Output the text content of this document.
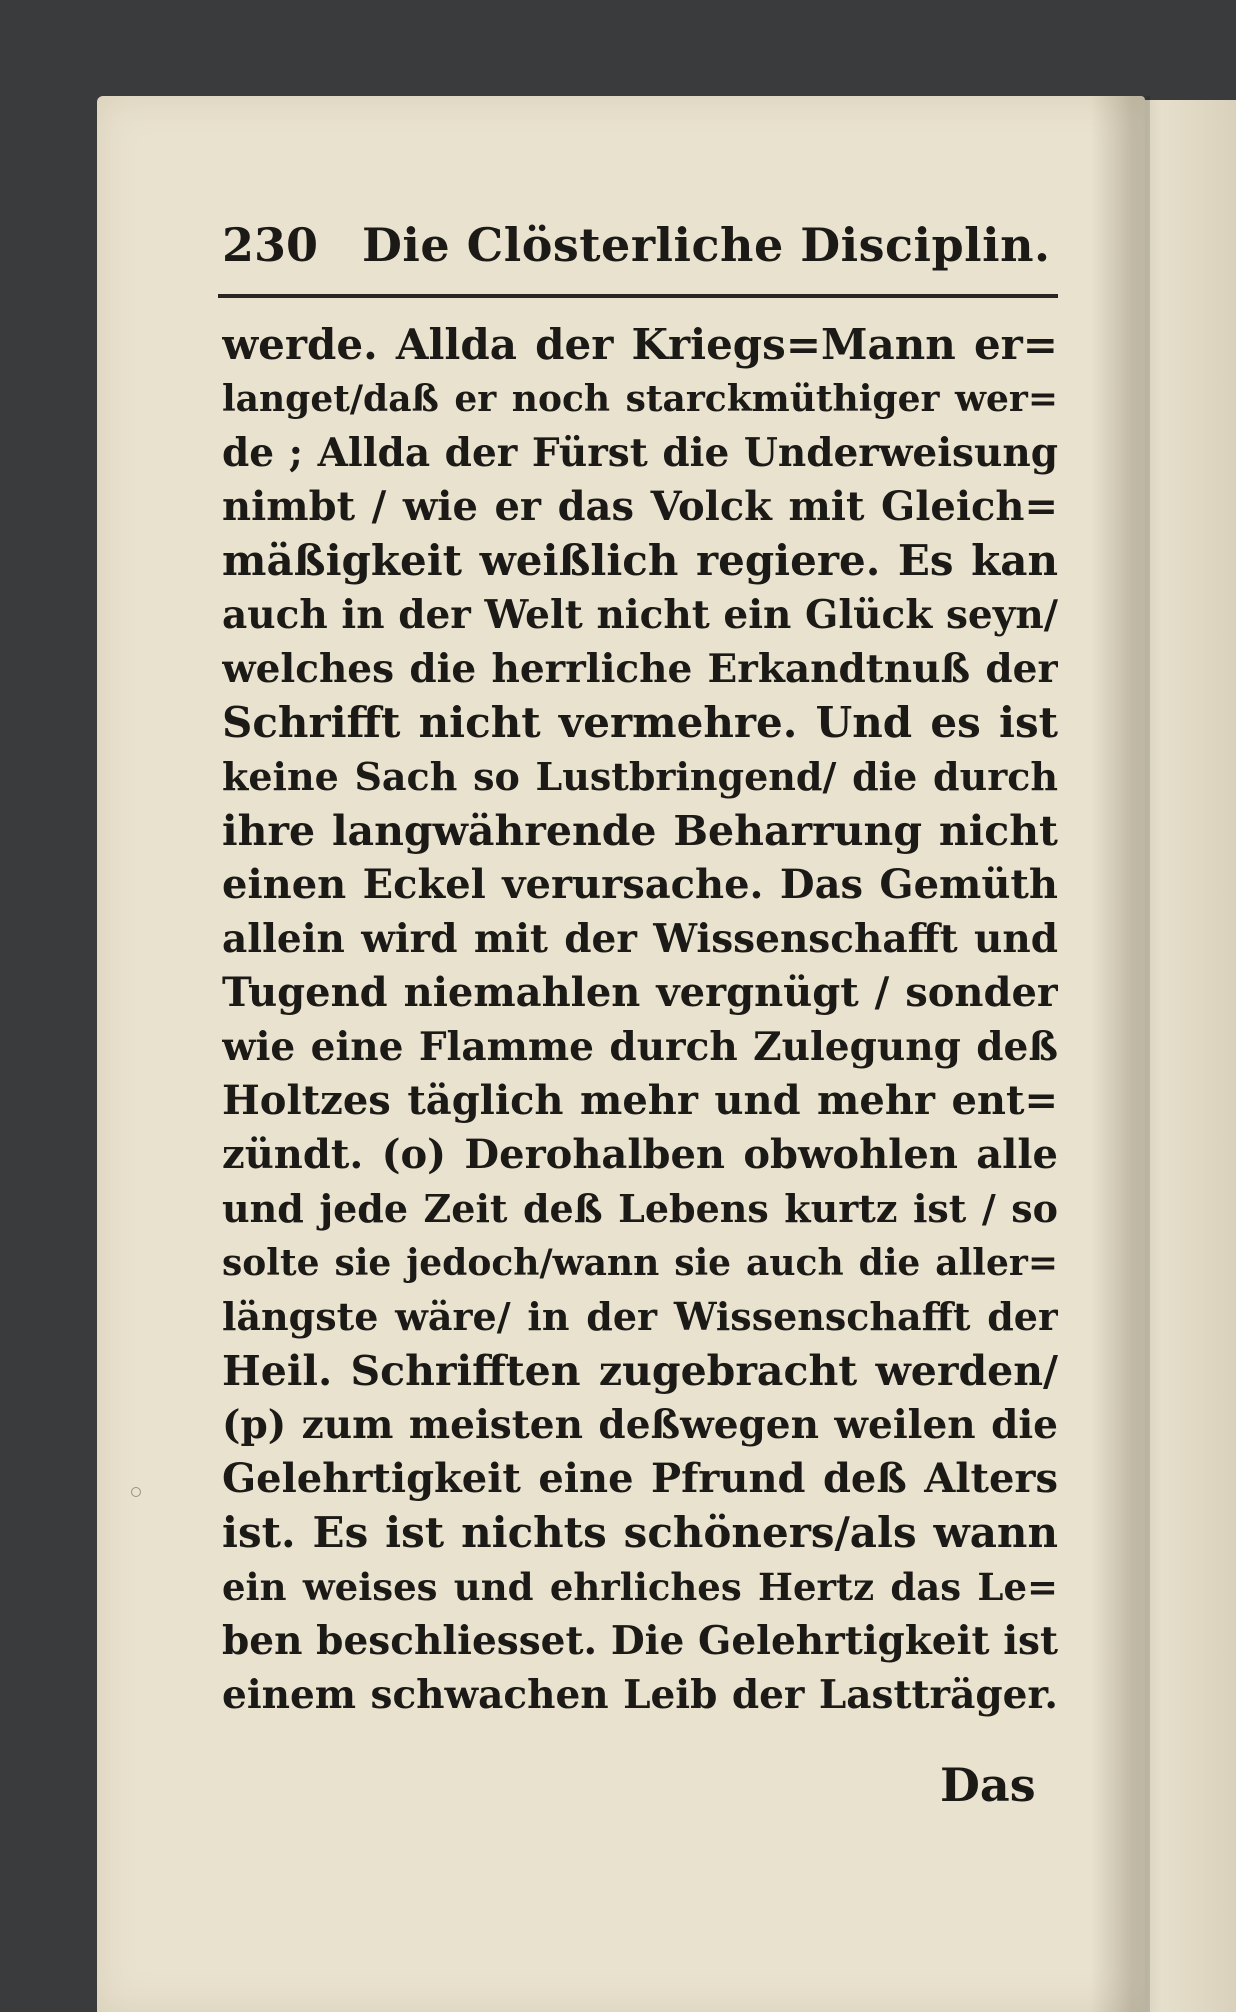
230 Die Clösterliche Disciplin.
werde. Allda der Kriegs=Mann er=
langet/daß er noch starckmüthiger wer=
de ; Allda der Fürst die Underweisung
nimbt / wie er das Volck mit Gleich=
mäßigkeit weißlich regiere. Es kan
auch in der Welt nicht ein Glück seyn/
welches die herrliche Erkandtnuß der
Schrifft nicht vermehre. Und es ist
keine Sach so Lustbringend/ die durch
ihre langwährende Beharrung nicht
einen Eckel verursache. Das Gemüth
allein wird mit der Wissenschafft und
Tugend niemahlen vergnügt / sonder
wie eine Flamme durch Zulegung deß
Holtzes täglich mehr und mehr ent=
zündt. (o) Derohalben obwohlen alle
und jede Zeit deß Lebens kurtz ist / so
solte sie jedoch/wann sie auch die aller=
längste wäre/ in der Wissenschafft der
Heil. Schrifften zugebracht werden/
(p) zum meisten deßwegen weilen die
Gelehrtigkeit eine Pfrund deß Alters
ist. Es ist nichts schöners/als wann
ein weises und ehrliches Hertz das Le=
ben beschliesset. Die Gelehrtigkeit ist
einem schwachen Leib der Lastträger.
Das
